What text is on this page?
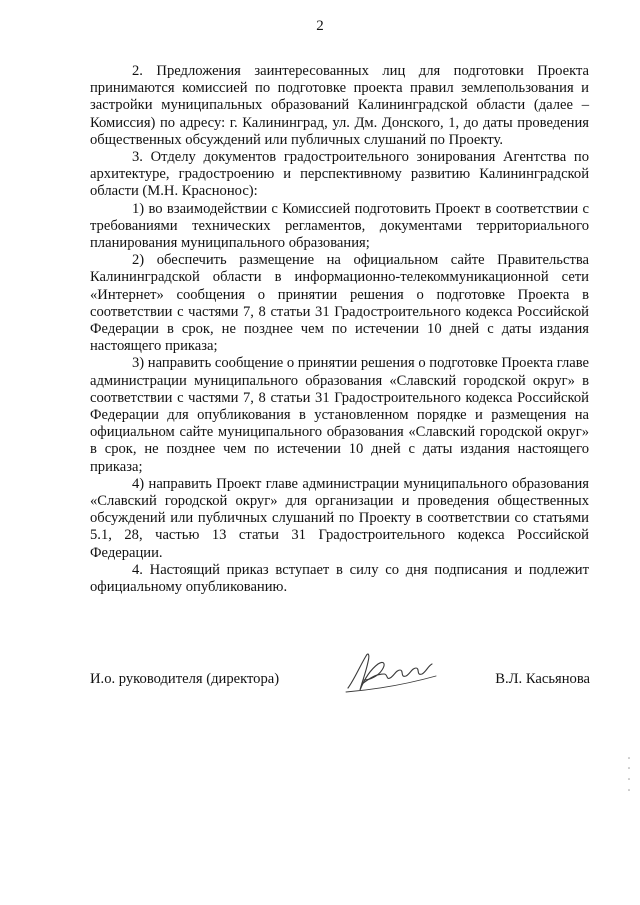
2

2. Предложения заинтересованных лиц для подготовки Проекта принимаются комиссией по подготовке проекта правил землепользования и застройки муниципальных образований Калининградской области (далее – Комиссия) по адресу: г. Калининград, ул. Дм. Донского, 1, до даты проведения общественных обсуждений или публичных слушаний по Проекту.

3. Отделу документов градостроительного зонирования Агентства по архитектуре, градостроению и перспективному развитию Калининградской области (М.Н. Краснонос):

1) во взаимодействии с Комиссией подготовить Проект в соответствии с требованиями технических регламентов, документами территориального планирования муниципального образования;

2) обеспечить размещение на официальном сайте Правительства Калининградской области в информационно-телекоммуникационной сети «Интернет» сообщения о принятии решения о подготовке Проекта в соответствии с частями 7, 8 статьи 31 Градостроительного кодекса Российской Федерации в срок, не позднее чем по истечении 10 дней с даты издания настоящего приказа;

3) направить сообщение о принятии решения о подготовке Проекта главе администрации муниципального образования «Славский городской округ» в соответствии с частями 7, 8 статьи 31 Градостроительного кодекса Российской Федерации для опубликования в установленном порядке и размещения на официальном сайте муниципального образования «Славский городской округ» в срок, не позднее чем по истечении 10 дней с даты издания настоящего приказа;

4) направить Проект главе администрации муниципального образования «Славский городской округ» для организации и проведения общественных обсуждений или публичных слушаний по Проекту в соответствии со статьями 5.1, 28, частью 13 статьи 31 Градостроительного кодекса Российской Федерации.

4. Настоящий приказ вступает в силу со дня подписания и подлежит официальному опубликованию.

И.о. руководителя (директора)	В.Л. Касьянова
